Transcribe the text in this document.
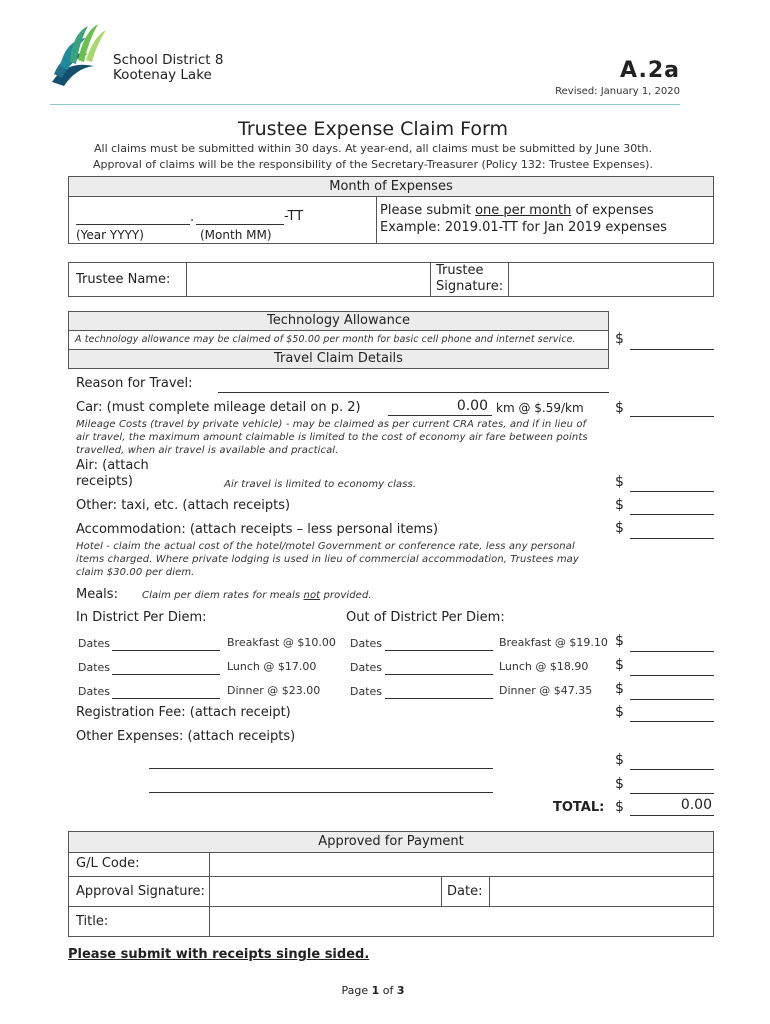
School District 8
Kootenay Lake	A.2a
Revised: January 1, 2020
Trustee Expense Claim Form
All claims must be submitted within 30 days. At year-end, all claims must be submitted by June 30th.
Approval of claims will be the responsibility of the Secretary-Treasurer (Policy 132: Trustee Expenses).
Month of Expenses
.	-TT
(Year YYYY)	(Month MM)
Please submit one per month of expenses
Example: 2019.01-TT for Jan 2019 expenses
Trustee Name:
Trustee
Signature:
Technology Allowance
A technology allowance may be claimed of $50.00 per month for basic cell phone and internet service.	$
Travel Claim Details
Reason for Travel:
Car: (must complete mileage detail on p. 2)	0.00 km @ $.59/km $
Mileage Costs (travel by private vehicle) - may be claimed as per current CRA rates, and if in lieu of
air travel, the maximum amount claimable is limited to the cost of economy air fare between points
travelled, when air travel is available and practical.
Air: (attach
receipts)	Air travel is limited to economy class.	$
Other: taxi, etc. (attach receipts)	$
Accommodation: (attach receipts – less personal items)	$
Hotel - claim the actual cost of the hotel/motel Government or conference rate, less any personal
items charged. Where private lodging is used in lieu of commercial accommodation, Trustees may
claim $30.00 per diem.
Meals: Claim per diem rates for meals not provided.
In District Per Diem:	Out of District Per Diem:
Dates	Breakfast @ $10.00 Dates	Breakfast @ $19.10 $
Dates	Lunch @ $17.00	Dates	Lunch @ $18.90 $
Dates	Dinner @ $23.00	Dates	Dinner @ $47.35 $
Registration Fee: (attach receipt)	$
Other Expenses: (attach receipts)
$
$
TOTAL: $	0.00
Approved for Payment
G/L Code:
Approval Signature:	Date:
Title:
Please submit with receipts single sided.
Page 1 of 3
